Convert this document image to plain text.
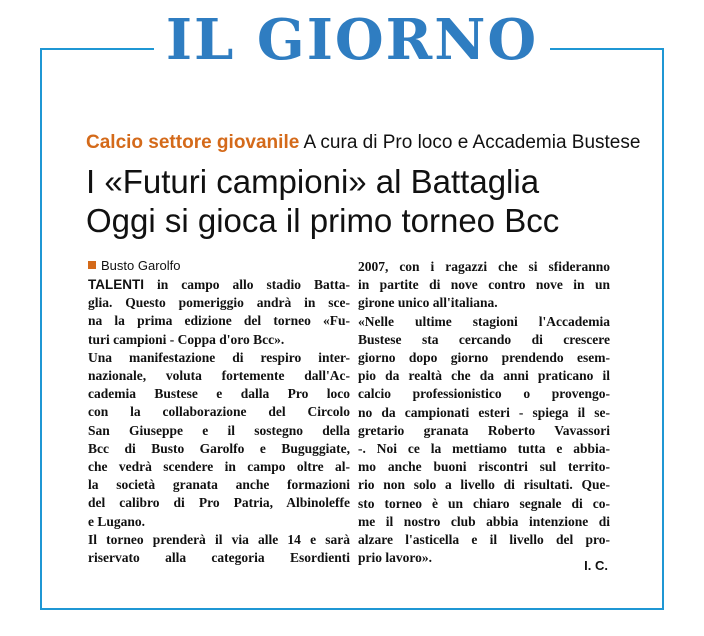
IL GIORNO
Calcio settore giovanile A cura di Pro loco e Accademia Bustese
I «Futuri campioni» al Battaglia
Oggi si gioca il primo torneo Bcc
Busto Garolfo
TALENTI in campo allo stadio Batta-
glia. Questo pomeriggio andrà in sce-
na la prima edizione del torneo «Fu-
turi campioni - Coppa d'oro Bcc».
Una manifestazione di respiro inter-
nazionale, voluta fortemente dall'Ac-
cademia Bustese e dalla Pro loco
con la collaborazione del Circolo
San Giuseppe e il sostegno della
Bcc di Busto Garolfo e Buguggiate,
che vedrà scendere in campo oltre al-
la società granata anche formazioni
del calibro di Pro Patria, Albinoleffe
e Lugano.
Il torneo prenderà il via alle 14 e sarà
riservato alla categoria Esordienti
2007, con i ragazzi che si sfideranno
in partite di nove contro nove in un
girone unico all'italiana.
«Nelle ultime stagioni l'Accademia
Bustese sta cercando di crescere
giorno dopo giorno prendendo esem-
pio da realtà che da anni praticano il
calcio professionistico o provengo-
no da campionati esteri - spiega il se-
gretario granata Roberto Vavassori
-. Noi ce la mettiamo tutta e abbia-
mo anche buoni riscontri sul territo-
rio non solo a livello di risultati. Que-
sto torneo è un chiaro segnale di co-
me il nostro club abbia intenzione di
alzare l'asticella e il livello del pro-
prio lavoro».
I. C.
